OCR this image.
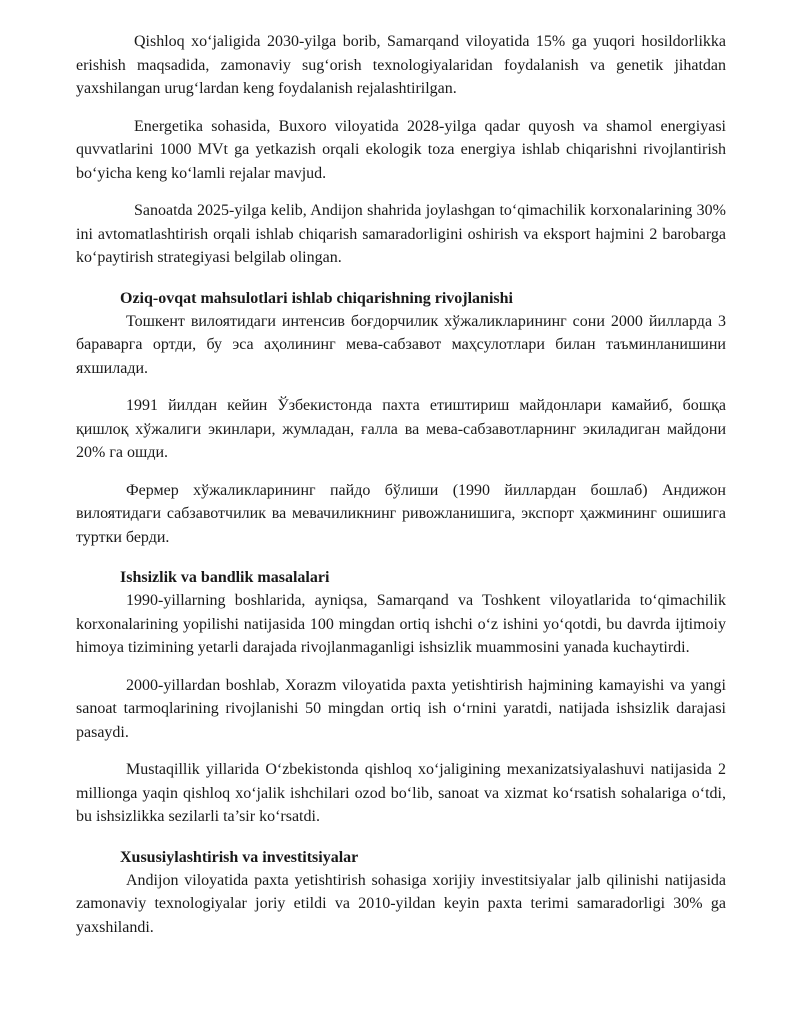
Qishloq xo‘jaligida 2030-yilga borib, Samarqand viloyatida 15% ga yuqori hosildorlikka erishish maqsadida, zamonaviy sug‘orish texnologiyalaridan foydalanish va genetik jihatdan yaxshilangan urug‘lardan keng foydalanish rejalashtirilgan.

Energetika sohasida, Buxoro viloyatida 2028-yilga qadar quyosh va shamol energiyasi quvvatlarini 1000 MVt ga yetkazish orqali ekologik toza energiya ishlab chiqarishni rivojlantirish bo‘yicha keng ko‘lamli rejalar mavjud.

Sanoatda 2025-yilga kelib, Andijon shahrida joylashgan to‘qimachilik korxonalarining 30% ini avtomatlashtirish orqali ishlab chiqarish samaradorligini oshirish va eksport hajmini 2 barobarga ko‘paytirish strategiyasi belgilab olingan.

Oziq-ovqat mahsulotlari ishlab chiqarishning rivojlanishi

Тошкент вилоятидаги интенсив боғдорчилик хўжаликларининг сони 2000 йилларда 3 бараварга ортди, бу эса аҳолининг мева-сабзавот маҳсулотлари билан таъминланишини яхшилади.

1991 йилдан кейин Ўзбекистонда пахта етиштириш майдонлари камайиб, бошқа қишлоқ хўжалиги экинлари, жумладан, ғалла ва мева-сабзавотларнинг экиладиган майдони 20% га ошди.

Фермер хўжаликларининг пайдо бўлиши (1990 йиллардан бошлаб) Андижон вилоятидаги сабзавотчилик ва мевачиликнинг ривожланишига, экспорт ҳажмининг ошишига туртки берди.

Ishsizlik va bandlik masalalari

1990-yillarning boshlarida, ayniqsa, Samarqand va Toshkent viloyatlarida to‘qimachilik korxonalarining yopilishi natijasida 100 mingdan ortiq ishchi o‘z ishini yo‘qotdi, bu davrda ijtimoiy himoya tizimining yetarli darajada rivojlanmaganligi ishsizlik muammosini yanada kuchaytirdi.

2000-yillardan boshlab, Xorazm viloyatida paxta yetishtirish hajmining kamayishi va yangi sanoat tarmoqlarining rivojlanishi 50 mingdan ortiq ish o‘rnini yaratdi, natijada ishsizlik darajasi pasaydi.

Mustaqillik yillarida O‘zbekistonda qishloq xo‘jaligining mexanizatsiyalashuvi natijasida 2 millionga yaqin qishloq xo‘jalik ishchilari ozod bo‘lib, sanoat va xizmat ko‘rsatish sohalariga o‘tdi, bu ishsizlikka sezilarli ta’sir ko‘rsatdi.

Xususiylashtirish va investitsiyalar

Andijon viloyatida paxta yetishtirish sohasiga xorijiy investitsiyalar jalb qilinishi natijasida zamonaviy texnologiyalar joriy etildi va 2010-yildan keyin paxta terimi samaradorligi 30% ga yaxshilandi.
